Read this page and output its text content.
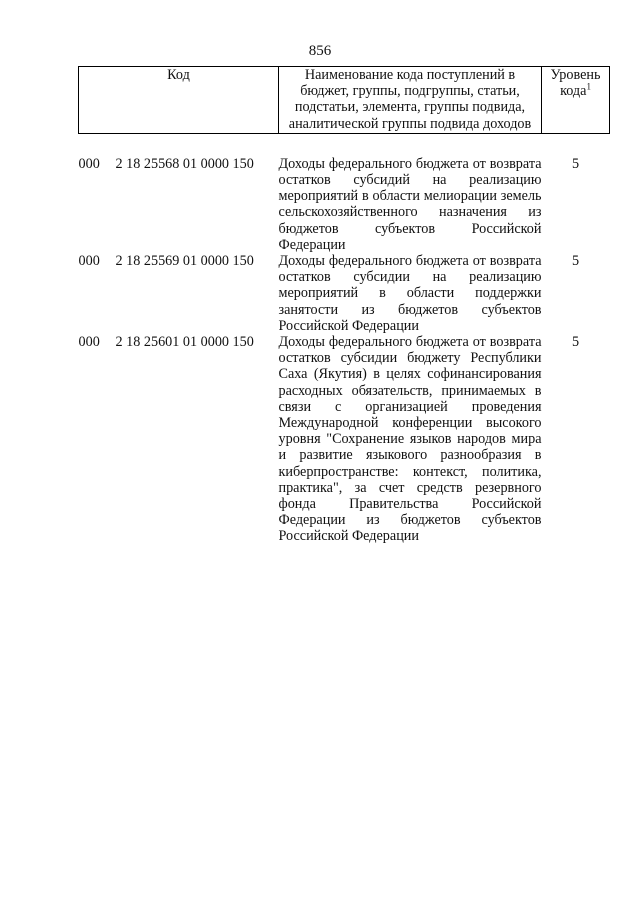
856
Код	Наименование кода поступлений в бюджет, группы, подгруппы, статьи, подстатьи, элемента, группы подвида, аналитической группы подвида доходов	Уровень кода$^1$

000 2 18 25568 01 0000 150	Доходы федерального бюджета от возврата остатков субсидий на реализацию мероприятий в области мелиорации земель сельскохозяйственного назначения из бюджетов субъектов Российской Федерации	5
000 2 18 25569 01 0000 150	Доходы федерального бюджета от возврата остатков субсидии на реализацию мероприятий в области поддержки занятости из бюджетов субъектов Российской Федерации	5
000 2 18 25601 01 0000 150	Доходы федерального бюджета от возврата остатков субсидии бюджету Республики Саха (Якутия) в целях софинансирования расходных обязательств, принимаемых в связи с организацией проведения Международной конференции высокого уровня "Сохранение языков народов мира и развитие языкового разнообразия в киберпространстве: контекст, политика, практика", за счет средств резервного фонда Правительства Российской Федерации из бюджетов субъектов Российской Федерации	5
